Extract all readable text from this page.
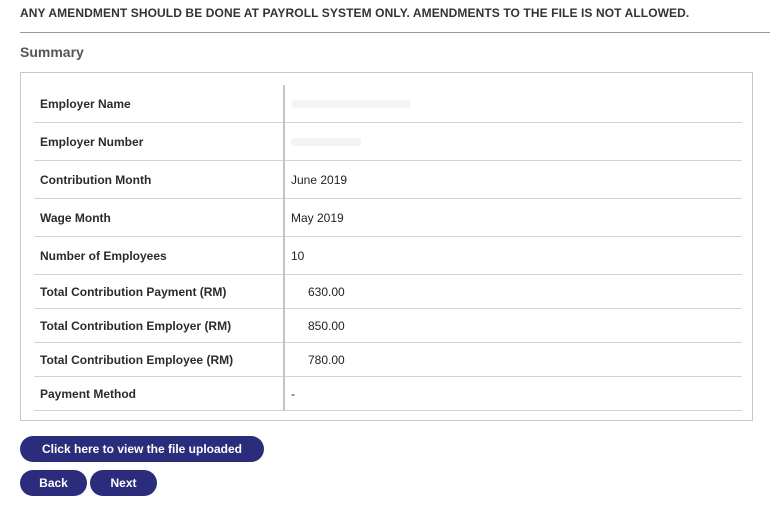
ANY AMENDMENT SHOULD BE DONE AT PAYROLL SYSTEM ONLY. AMENDMENTS TO THE FILE IS NOT ALLOWED.
Summary
Employer Name	
Employer Number	
Contribution Month	June 2019
Wage Month	May 2019
Number of Employees	10
Total Contribution Payment (RM)	630.00
Total Contribution Employer (RM)	850.00
Total Contribution Employee (RM)	780.00
Payment Method	-
Click here to view the file uploaded
Back	Next
